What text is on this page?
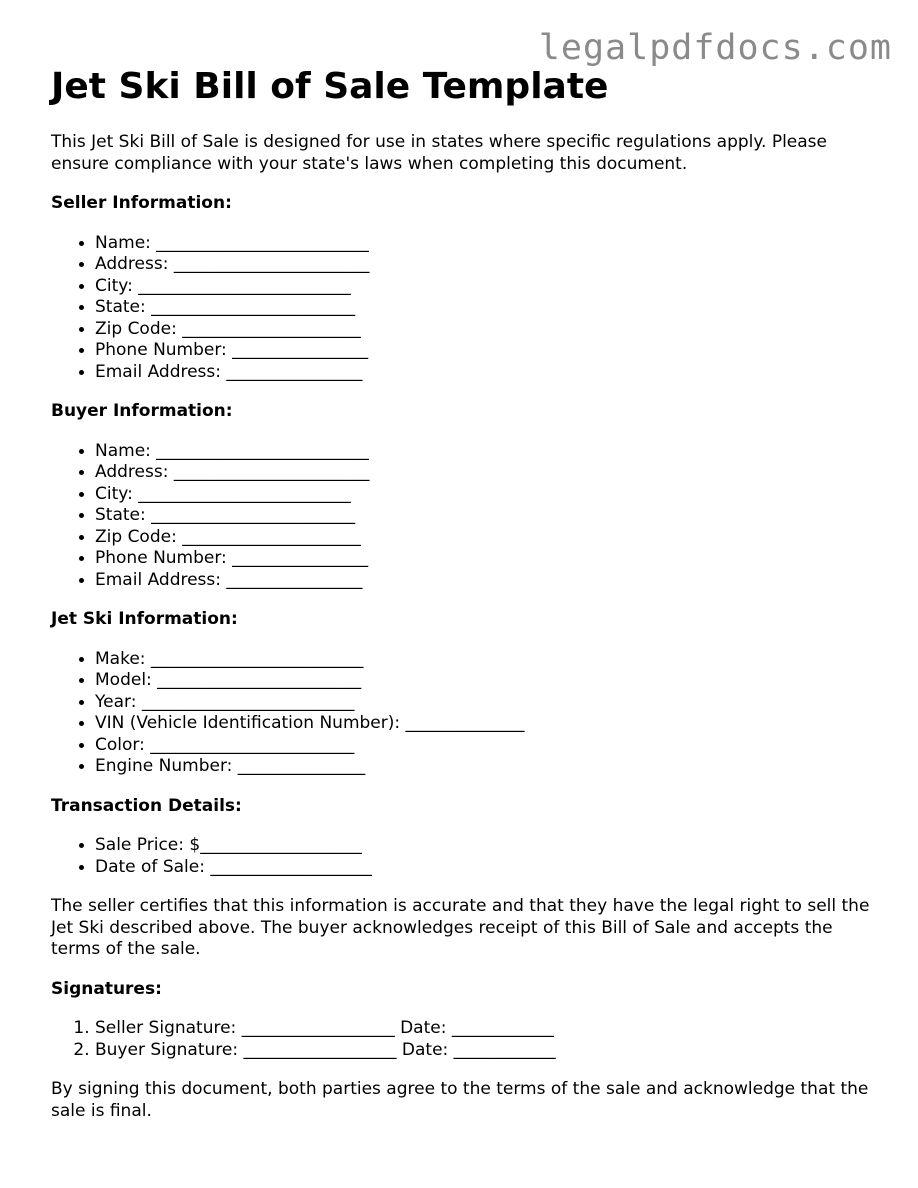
legalpdfdocs.com
Jet Ski Bill of Sale Template

This Jet Ski Bill of Sale is designed for use in states where specific regulations apply. Please ensure compliance with your state's laws when completing this document.

Seller Information:
• Name: _________________________
• Address: _______________________
• City: _________________________
• State: ________________________
• Zip Code: _____________________
• Phone Number: ________________
• Email Address: ________________
Buyer Information:
• Name: _________________________
• Address: _______________________
• City: _________________________
• State: ________________________
• Zip Code: _____________________
• Phone Number: ________________
• Email Address: ________________
Jet Ski Information:
• Make: _________________________
• Model: ________________________
• Year: _________________________
• VIN (Vehicle Identification Number): ______________
• Color: ________________________
• Engine Number: _______________
Transaction Details:
• Sale Price: $___________________
• Date of Sale: ___________________

The seller certifies that this information is accurate and that they have the legal right to sell the Jet Ski described above. The buyer acknowledges receipt of this Bill of Sale and accepts the terms of the sale.

Signatures:
1. Seller Signature: __________________ Date: ____________
2. Buyer Signature: __________________ Date: ____________

By signing this document, both parties agree to the terms of the sale and acknowledge that the sale is final.
